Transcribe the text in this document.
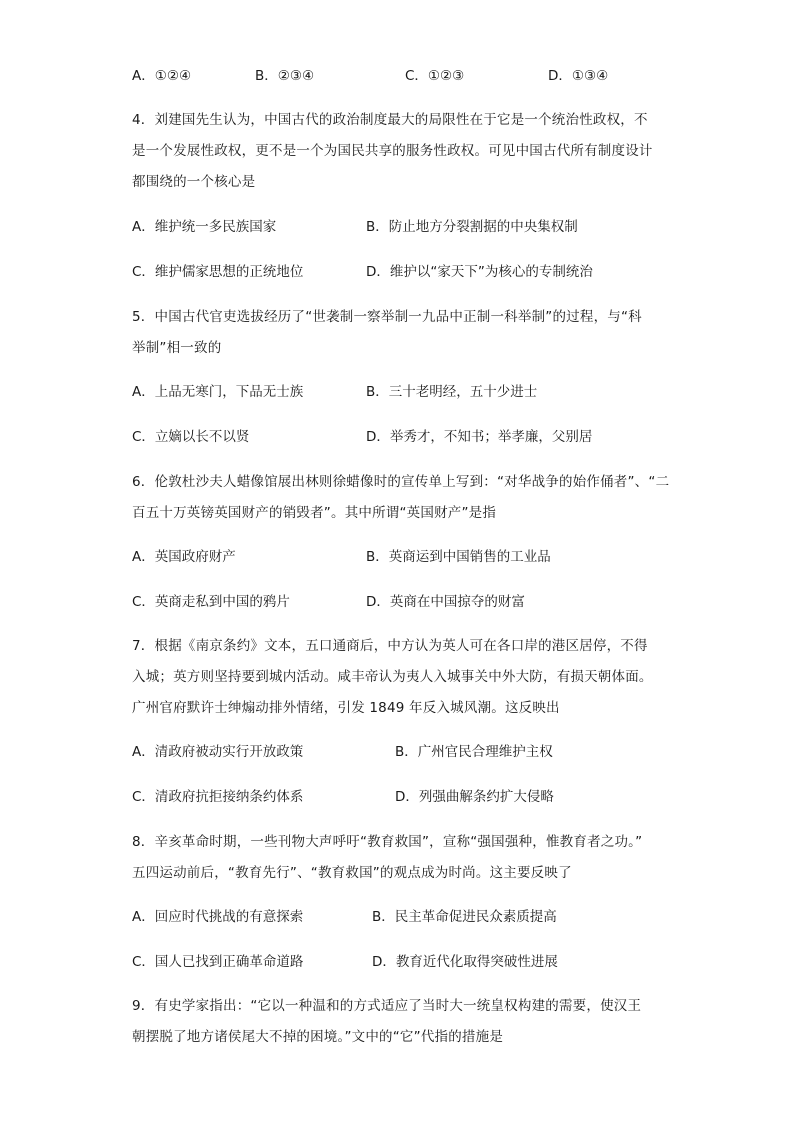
A．①②④	B．②③④	C．①②③	D．①③④
4．刘建国先生认为，中国古代的政治制度最大的局限性在于它是一个统治性政权，不
是一个发展性政权，更不是一个为国民共享的服务性政权。可见中国古代所有制度设计
都围绕的一个核心是
A．维护统一多民族国家	B．防止地方分裂割据的中央集权制
C．维护儒家思想的正统地位	D．维护以“家天下”为核心的专制统治
5．中国古代官吏选拔经历了“世袭制一察举制一九品中正制一科举制”的过程，与“科
举制”相一致的
A．上品无寒门，下品无士族	B．三十老明经，五十少进士
C．立嫡以长不以贤	D．举秀才，不知书；举孝廉，父别居
6．伦敦杜沙夫人蜡像馆展出林则徐蜡像时的宣传单上写到：“对华战争的始作俑者”、“二
百五十万英镑英国财产的销毁者”。其中所谓“英国财产”是指
A．英国政府财产	B．英商运到中国销售的工业品
C．英商走私到中国的鸦片	D．英商在中国掠夺的财富
7．根据《南京条约》文本，五口通商后，中方认为英人可在各口岸的港区居停，不得
入城；英方则坚持要到城内活动。咸丰帝认为夷人入城事关中外大防，有损天朝体面。
广州官府默许士绅煽动排外情绪，引发 1849 年反入城风潮。这反映出
A．清政府被动实行开放政策	B．广州官民合理维护主权
C．清政府抗拒接纳条约体系	D．列强曲解条约扩大侵略
8．辛亥革命时期，一些刊物大声呼吁“教育救国”，宣称“强国强种，惟教育者之功。”
五四运动前后，“教育先行”、“教育救国”的观点成为时尚。这主要反映了
A．回应时代挑战的有意探索	B．民主革命促进民众素质提高
C．国人已找到正确革命道路	D．教育近代化取得突破性进展
9．有史学家指出：“它以一种温和的方式适应了当时大一统皇权构建的需要，使汉王
朝摆脱了地方诸侯尾大不掉的困境。”文中的“它”代指的措施是
